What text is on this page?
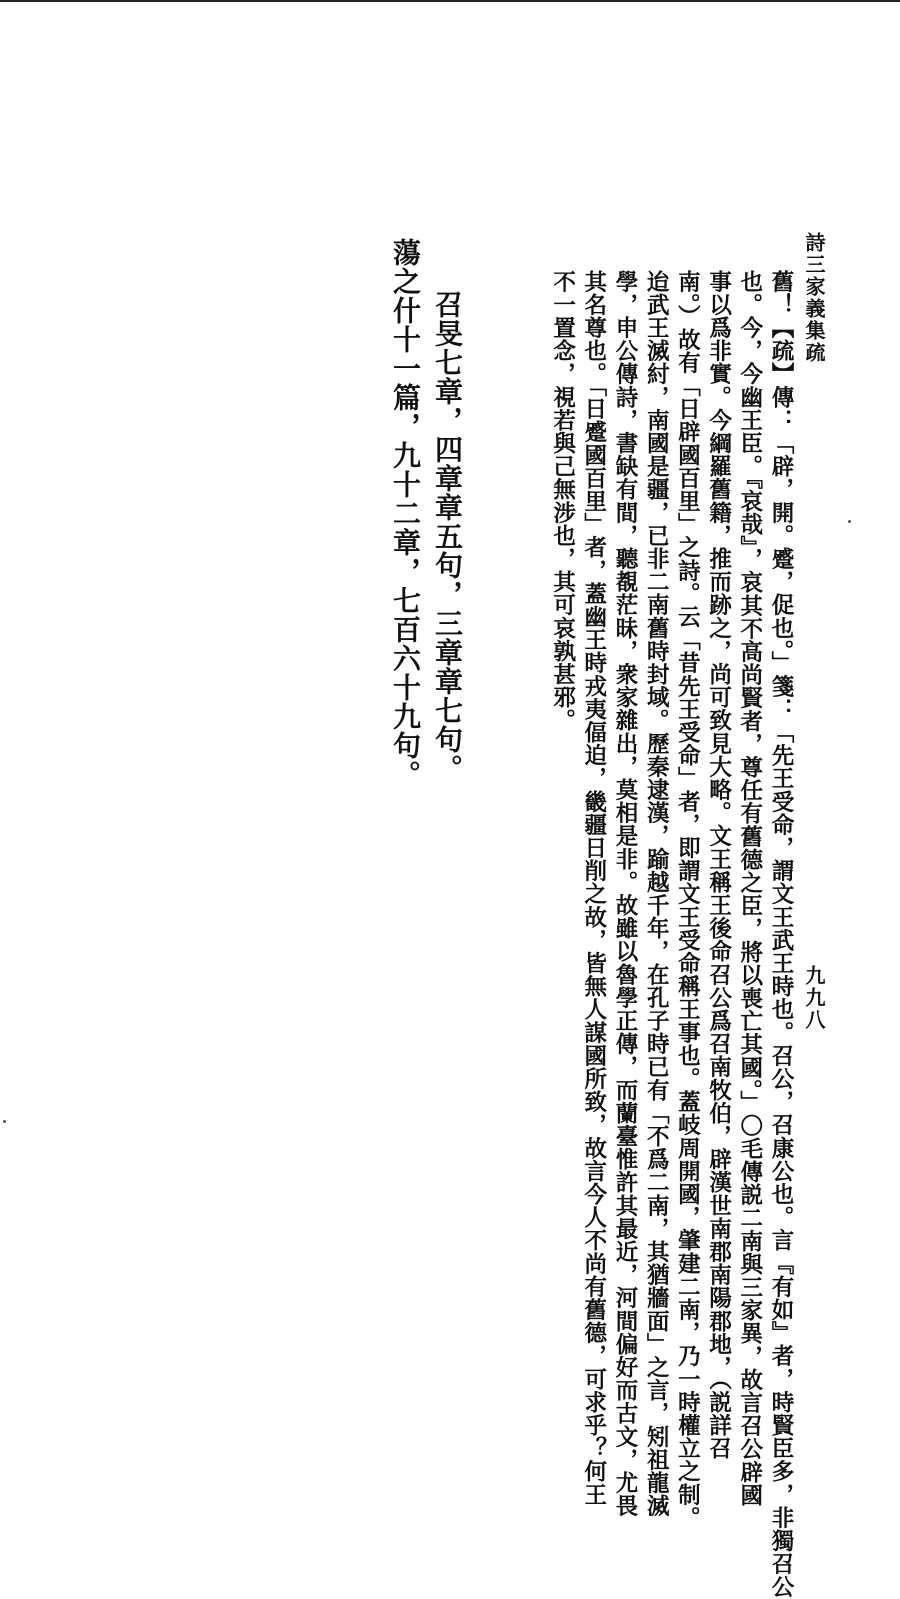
詩三家義集疏
九九八
舊！【疏】傳：「辟，開。蹙，促也。」箋：「先王受命，謂文王武王時也。召公，召康公也。言『有如』者，時賢臣多，非獨召公
也。今，今幽王臣。『哀哉』，哀其不高尚賢者，尊任有舊德之臣，將以喪亡其國。」〇毛傳説二南與三家異，故言召公辟國
事以爲非實。今綱羅舊籍，推而跡之，尚可致見大略。文王稱王後命召公爲召南牧伯，辟漢世南郡南陽郡地，（説詳召
南。）故有「日辟國百里」之詩。云「昔先王受命」者，即謂文王受命稱王事也。蓋岐周開國，肇建二南，乃一時權立之制。
迨武王滅紂，南國是疆，已非二南舊時封域。歷秦逮漢，踰越千年，在孔子時已有「不爲二南，其猶牆面」之言，矧祖龍滅
學，申公傳詩，書缺有間，聽覩茫昧，衆家雜出，莫相是非。故雖以魯學正傳，而蘭臺惟許其最近，河間偏好而古文，尤畏
其名尊也。「日蹙國百里」者，蓋幽王時戎夷偪迫，畿疆日削之故，皆無人謀國所致，故言今人不尚有舊德，可求乎？何王
不一置念，視若與己無涉也，其可哀孰甚邪。
召旻七章，四章章五句，三章章七句。
蕩之什十一篇，九十二章，七百六十九句。
